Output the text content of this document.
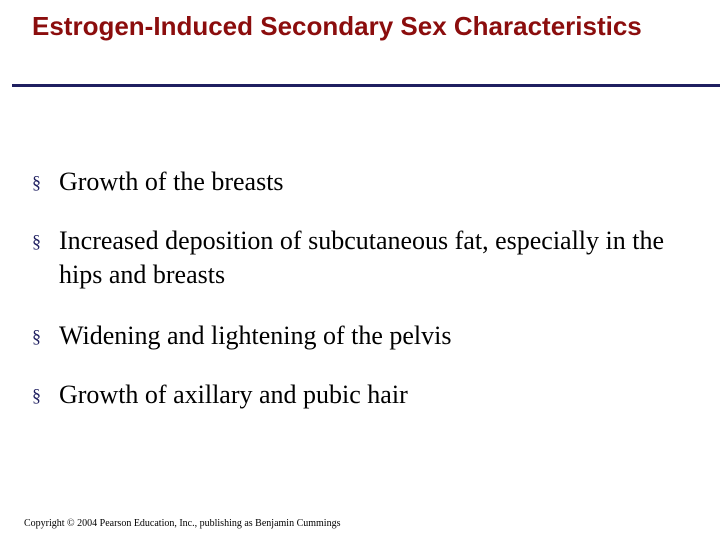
Estrogen-Induced Secondary Sex Characteristics
§ Growth of the breasts
§ Increased deposition of subcutaneous fat, especially in the hips and breasts
§ Widening and lightening of the pelvis
§ Growth of axillary and pubic hair
Copyright © 2004 Pearson Education, Inc., publishing as Benjamin Cummings
